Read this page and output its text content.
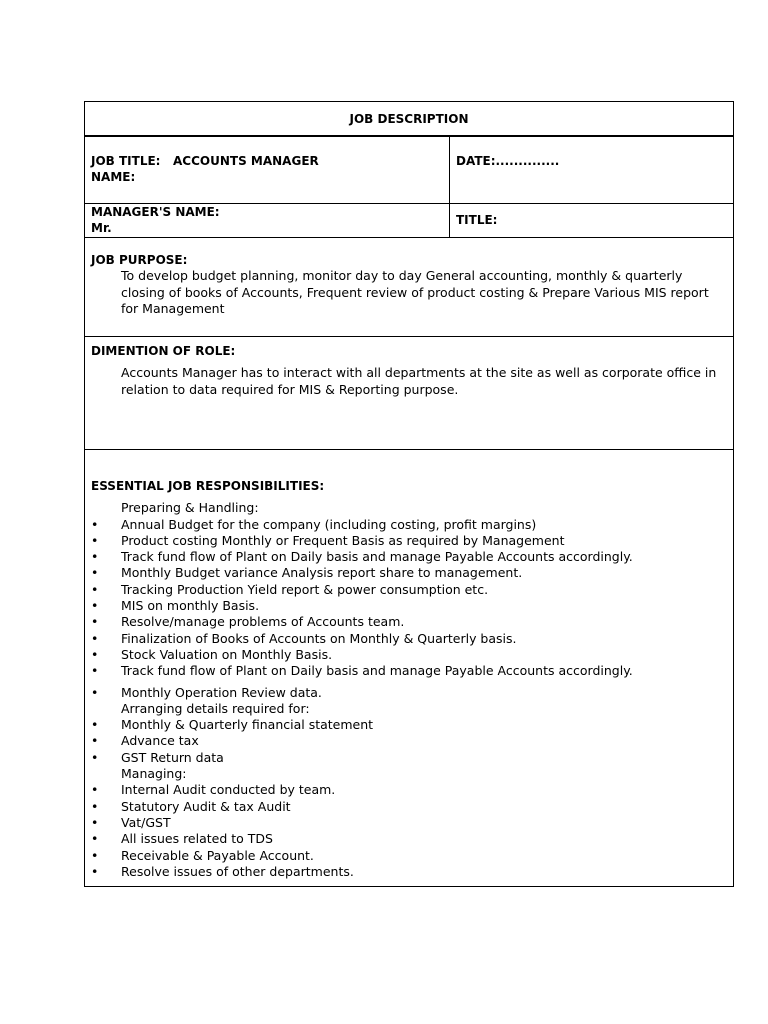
JOB DESCRIPTION
JOB TITLE: ACCOUNTS MANAGER
NAME:
DATE:..............
MANAGER'S NAME:
Mr.
TITLE:
JOB PURPOSE:
To develop budget planning, monitor day to day General accounting, monthly & quarterly closing of books of Accounts, Frequent review of product costing & Prepare Various MIS report for Management
DIMENTION OF ROLE:
Accounts Manager has to interact with all departments at the site as well as corporate office in relation to data required for MIS & Reporting purpose.
ESSENTIAL JOB RESPONSIBILITIES:
Preparing & Handling:
• Annual Budget for the company (including costing, profit margins)
• Product costing Monthly or Frequent Basis as required by Management
• Track fund flow of Plant on Daily basis and manage Payable Accounts accordingly.
• Monthly Budget variance Analysis report share to management.
• Tracking Production Yield report & power consumption etc.
• MIS on monthly Basis.
• Resolve/manage problems of Accounts team.
• Finalization of Books of Accounts on Monthly & Quarterly basis.
• Stock Valuation on Monthly Basis.
• Track fund flow of Plant on Daily basis and manage Payable Accounts accordingly.
• Monthly Operation Review data.
Arranging details required for:
• Monthly & Quarterly financial statement
• Advance tax
• GST Return data
Managing:
• Internal Audit conducted by team.
• Statutory Audit & tax Audit
• Vat/GST
• All issues related to TDS
• Receivable & Payable Account.
• Resolve issues of other departments.
